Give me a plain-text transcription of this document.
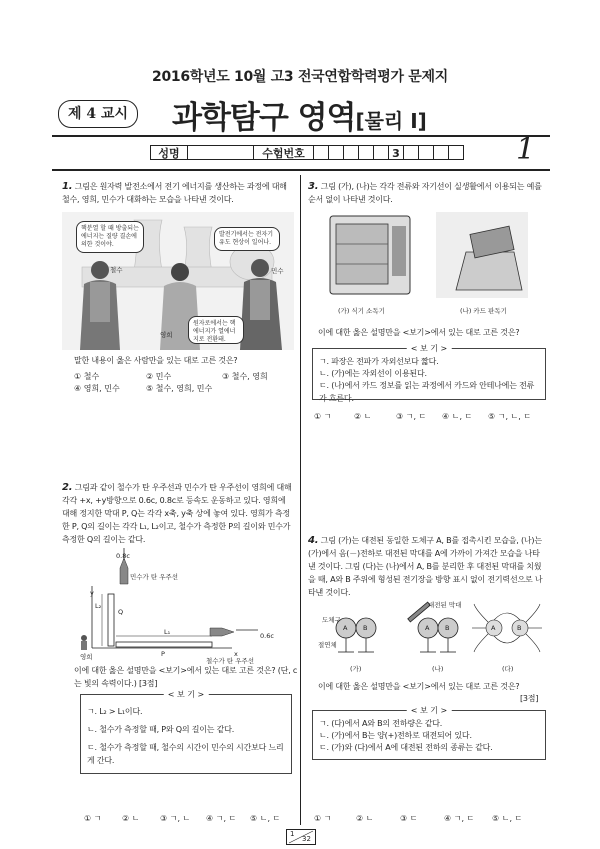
2016학년도 10월 고3 전국연합학력평가 문제지
제 4 교시	과학탐구 영역[물리 Ⅰ]
성명	수험번호	3	1
1. 그림은 원자력 발전소에서 전기 에너지를 생산하는 과정에 대해 철수, 영희, 민수가 대화하는 모습을 나타낸 것이다.
핵분열 할 때 방출되는 에너지는 질량 결손에 의한 것이야.
발전기에서는 전자기 유도 현상이 일어나.
원자로에서는 핵에너지가 열에너지로 전환돼.
철수
영희
민수
말한 내용이 옳은 사람만을 있는 대로 고른 것은?
① 철수	② 민수	③ 철수, 영희
④ 영희, 민수	⑤ 철수, 영희, 민수
2. 그림과 같이 철수가 탄 우주선과 민수가 탄 우주선이 영희에 대해 각각 +x, +y방향으로 0.6c, 0.8c로 등속도 운동하고 있다. 영희에 대해 정지한 막대 P, Q는 각각 x축, y축 상에 놓여 있다. 영희가 측정한 P, Q의 길이는 각각 L₁, L₂이고, 철수가 측정한 P의 길이와 민수가 측정한 Q의 길이는 같다.
0.8c
민수가 탄 우주선
y
L₂
Q
L₁	0.6c
P	x
철수가 탄 우주선
영희
이에 대한 옳은 설명만을 <보기>에서 있는 대로 고른 것은? (단, c는 빛의 속력이다.) [3점]
< 보 기 >
ㄱ. L₂ > L₁이다.
ㄴ. 철수가 측정할 때, P와 Q의 길이는 같다.
ㄷ. 철수가 측정할 때, 철수의 시간이 민수의 시간보다 느리게 간다.
① ㄱ	② ㄴ	③ ㄱ, ㄴ ④ ㄱ, ㄷ ⑤ ㄴ, ㄷ
3. 그림 (가), (나)는 각각 전류와 자기선이 실생활에서 이용되는 예를 순서 없이 나타낸 것이다.
(가) 식기 소독기	(나) 카드 판독기
이에 대한 옳은 설명만을 <보기>에서 있는 대로 고른 것은?
< 보 기 >
ㄱ. 파장은 전파가 자외선보다 짧다.
ㄴ. (가)에는 자외선이 이용된다.
ㄷ. (나)에서 카드 정보를 읽는 과정에서 카드와 안테나에는 전류가 흐른다.
① ㄱ	② ㄴ	③ ㄱ, ㄷ ④ ㄴ, ㄷ ⑤ ㄱ, ㄴ, ㄷ
4. 그림 (가)는 대전된 동일한 도체구 A, B를 접촉시킨 모습을, (나)는 (가)에서 음(－)전하로 대전된 막대를 A에 가까이 가져간 모습을 나타낸 것이다. 그림 (다)는 (나)에서 A, B를 분리한 후 대전된 막대를 치웠을 때, A와 B 주위에 형성된 전기장을 방향 표시 없이 전기력선으로 나타낸 것이다.
도체구
절연체
대전된 막대
A B	A B	A	B
(가)	(나)	(다)
이에 대한 옳은 설명만을 <보기>에서 있는 대로 고른 것은?
[3점]
< 보 기 >
ㄱ. (다)에서 A와 B의 전하량은 같다.
ㄴ. (가)에서 B는 양(+)전하로 대전되어 있다.
ㄷ. (가)와 (다)에서 A에 대전된 전하의 종류는 같다.
① ㄱ	② ㄴ	③ ㄷ	④ ㄱ, ㄷ ⑤ ㄴ, ㄷ
1
32
